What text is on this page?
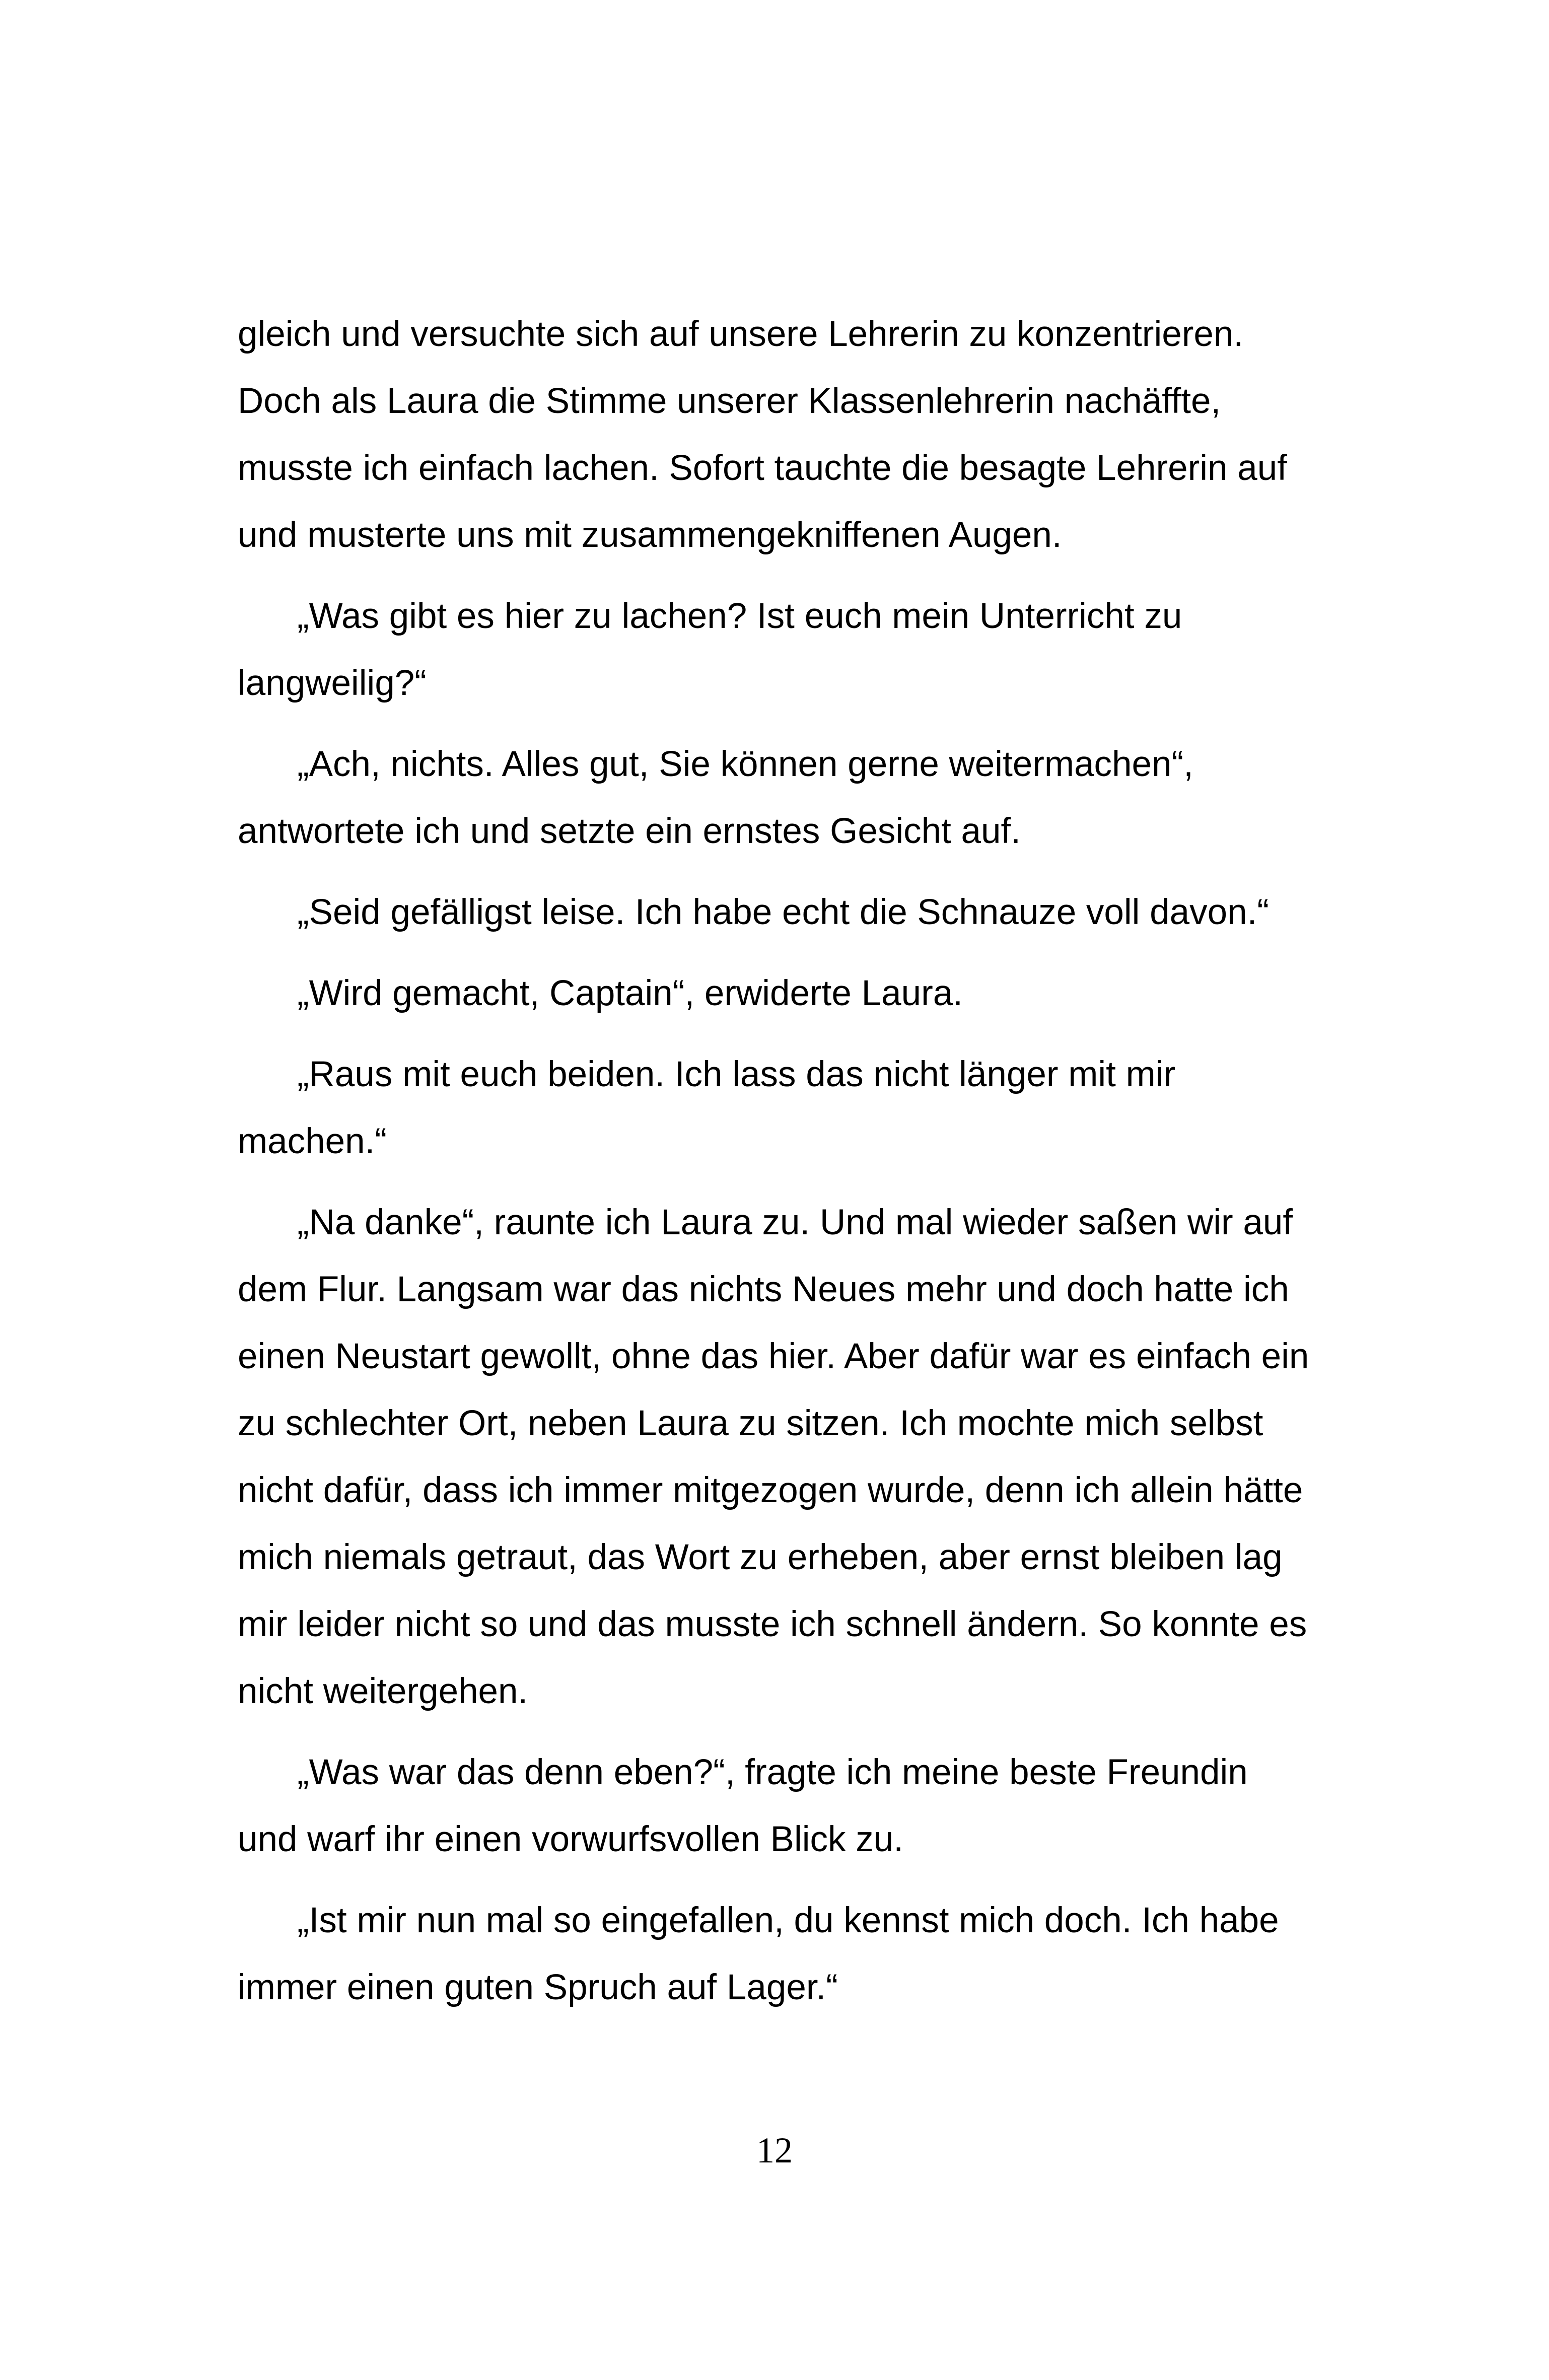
gleich und versuchte sich auf unsere Lehrerin zu konzentrieren. Doch als Laura die Stimme unserer Klassenlehrerin nachäffte, musste ich einfach lachen. Sofort tauchte die besagte Lehrerin auf und musterte uns mit zusammengekniffenen Augen.

„Was gibt es hier zu lachen? Ist euch mein Unterricht zu langweilig?“

„Ach, nichts. Alles gut, Sie können gerne weitermachen“, antwortete ich und setzte ein ernstes Gesicht auf.

„Seid gefälligst leise. Ich habe echt die Schnauze voll davon.“

„Wird gemacht, Captain“, erwiderte Laura.

„Raus mit euch beiden. Ich lass das nicht länger mit mir machen.“

„Na danke“, raunte ich Laura zu. Und mal wieder saßen wir auf dem Flur. Langsam war das nichts Neues mehr und doch hatte ich einen Neustart gewollt, ohne das hier. Aber dafür war es einfach ein zu schlechter Ort, neben Laura zu sitzen. Ich mochte mich selbst nicht dafür, dass ich immer mitgezogen wurde, denn ich allein hätte mich niemals getraut, das Wort zu erheben, aber ernst bleiben lag mir leider nicht so und das musste ich schnell ändern. So konnte es nicht weitergehen.

„Was war das denn eben?“, fragte ich meine beste Freundin und warf ihr einen vorwurfsvollen Blick zu.

„Ist mir nun mal so eingefallen, du kennst mich doch. Ich habe immer einen guten Spruch auf Lager.“

12
